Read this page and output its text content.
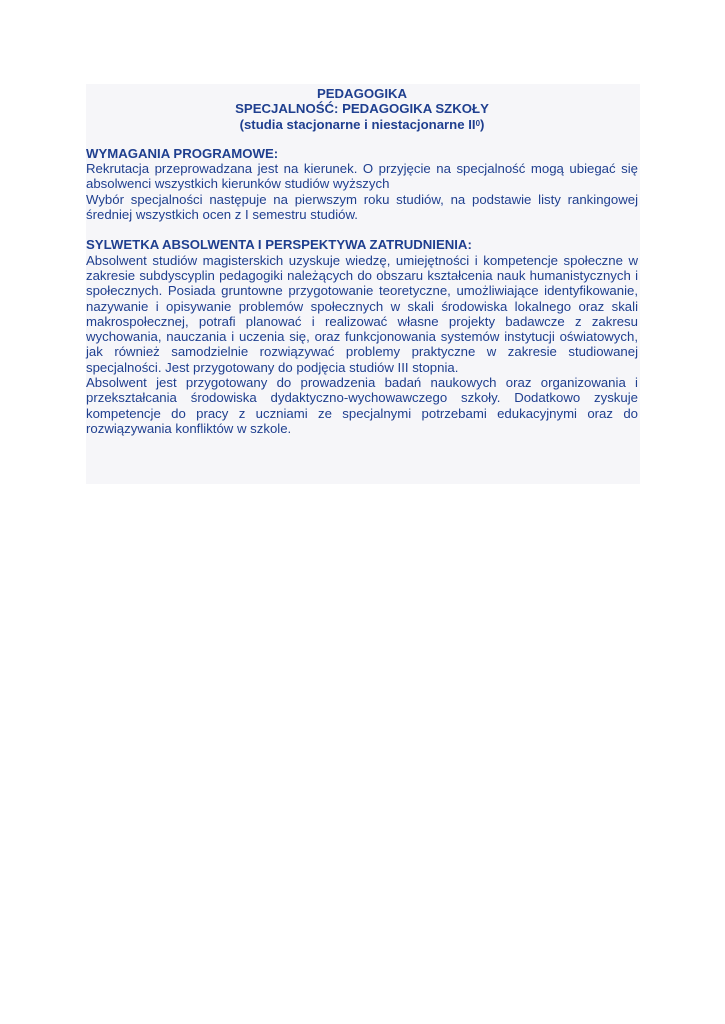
PEDAGOGIKA
SPECJALNOŚĆ: PEDAGOGIKA SZKOŁY
(studia stacjonarne i niestacjonarne $II^0$)
WYMAGANIA PROGRAMOWE:

Rekrutacja przeprowadzana jest na kierunek. O przyjęcie na specjalność mogą ubiegać się absolwenci wszystkich kierunków studiów wyższych

Wybór specjalności następuje na pierwszym roku studiów, na podstawie listy rankingowej średniej wszystkich ocen z I semestru studiów.

SYLWETKA ABSOLWENTA I PERSPEKTYWA ZATRUDNIENIA:

Absolwent studiów magisterskich uzyskuje wiedzę, umiejętności i kompetencje społeczne w zakresie subdyscyplin pedagogiki należących do obszaru kształcenia nauk humanistycznych i społecznych. Posiada gruntowne przygotowanie teoretyczne, umożliwiające identyfikowanie, nazywanie i opisywanie problemów społecznych w skali środowiska lokalnego oraz skali makrospołecznej, potrafi planować i realizować własne projekty badawcze z zakresu wychowania, nauczania i uczenia się, oraz funkcjonowania systemów instytucji oświatowych, jak również samodzielnie rozwiązywać problemy praktyczne w zakresie studiowanej specjalności. Jest przygotowany do podjęcia studiów III stopnia.

Absolwent jest przygotowany do prowadzenia badań naukowych oraz organizowania i przekształcania środowiska dydaktyczno-wychowawczego szkoły. Dodatkowo zyskuje kompetencje do pracy z uczniami ze specjalnymi potrzebami edukacyjnymi oraz do rozwiązywania konfliktów w szkole.
